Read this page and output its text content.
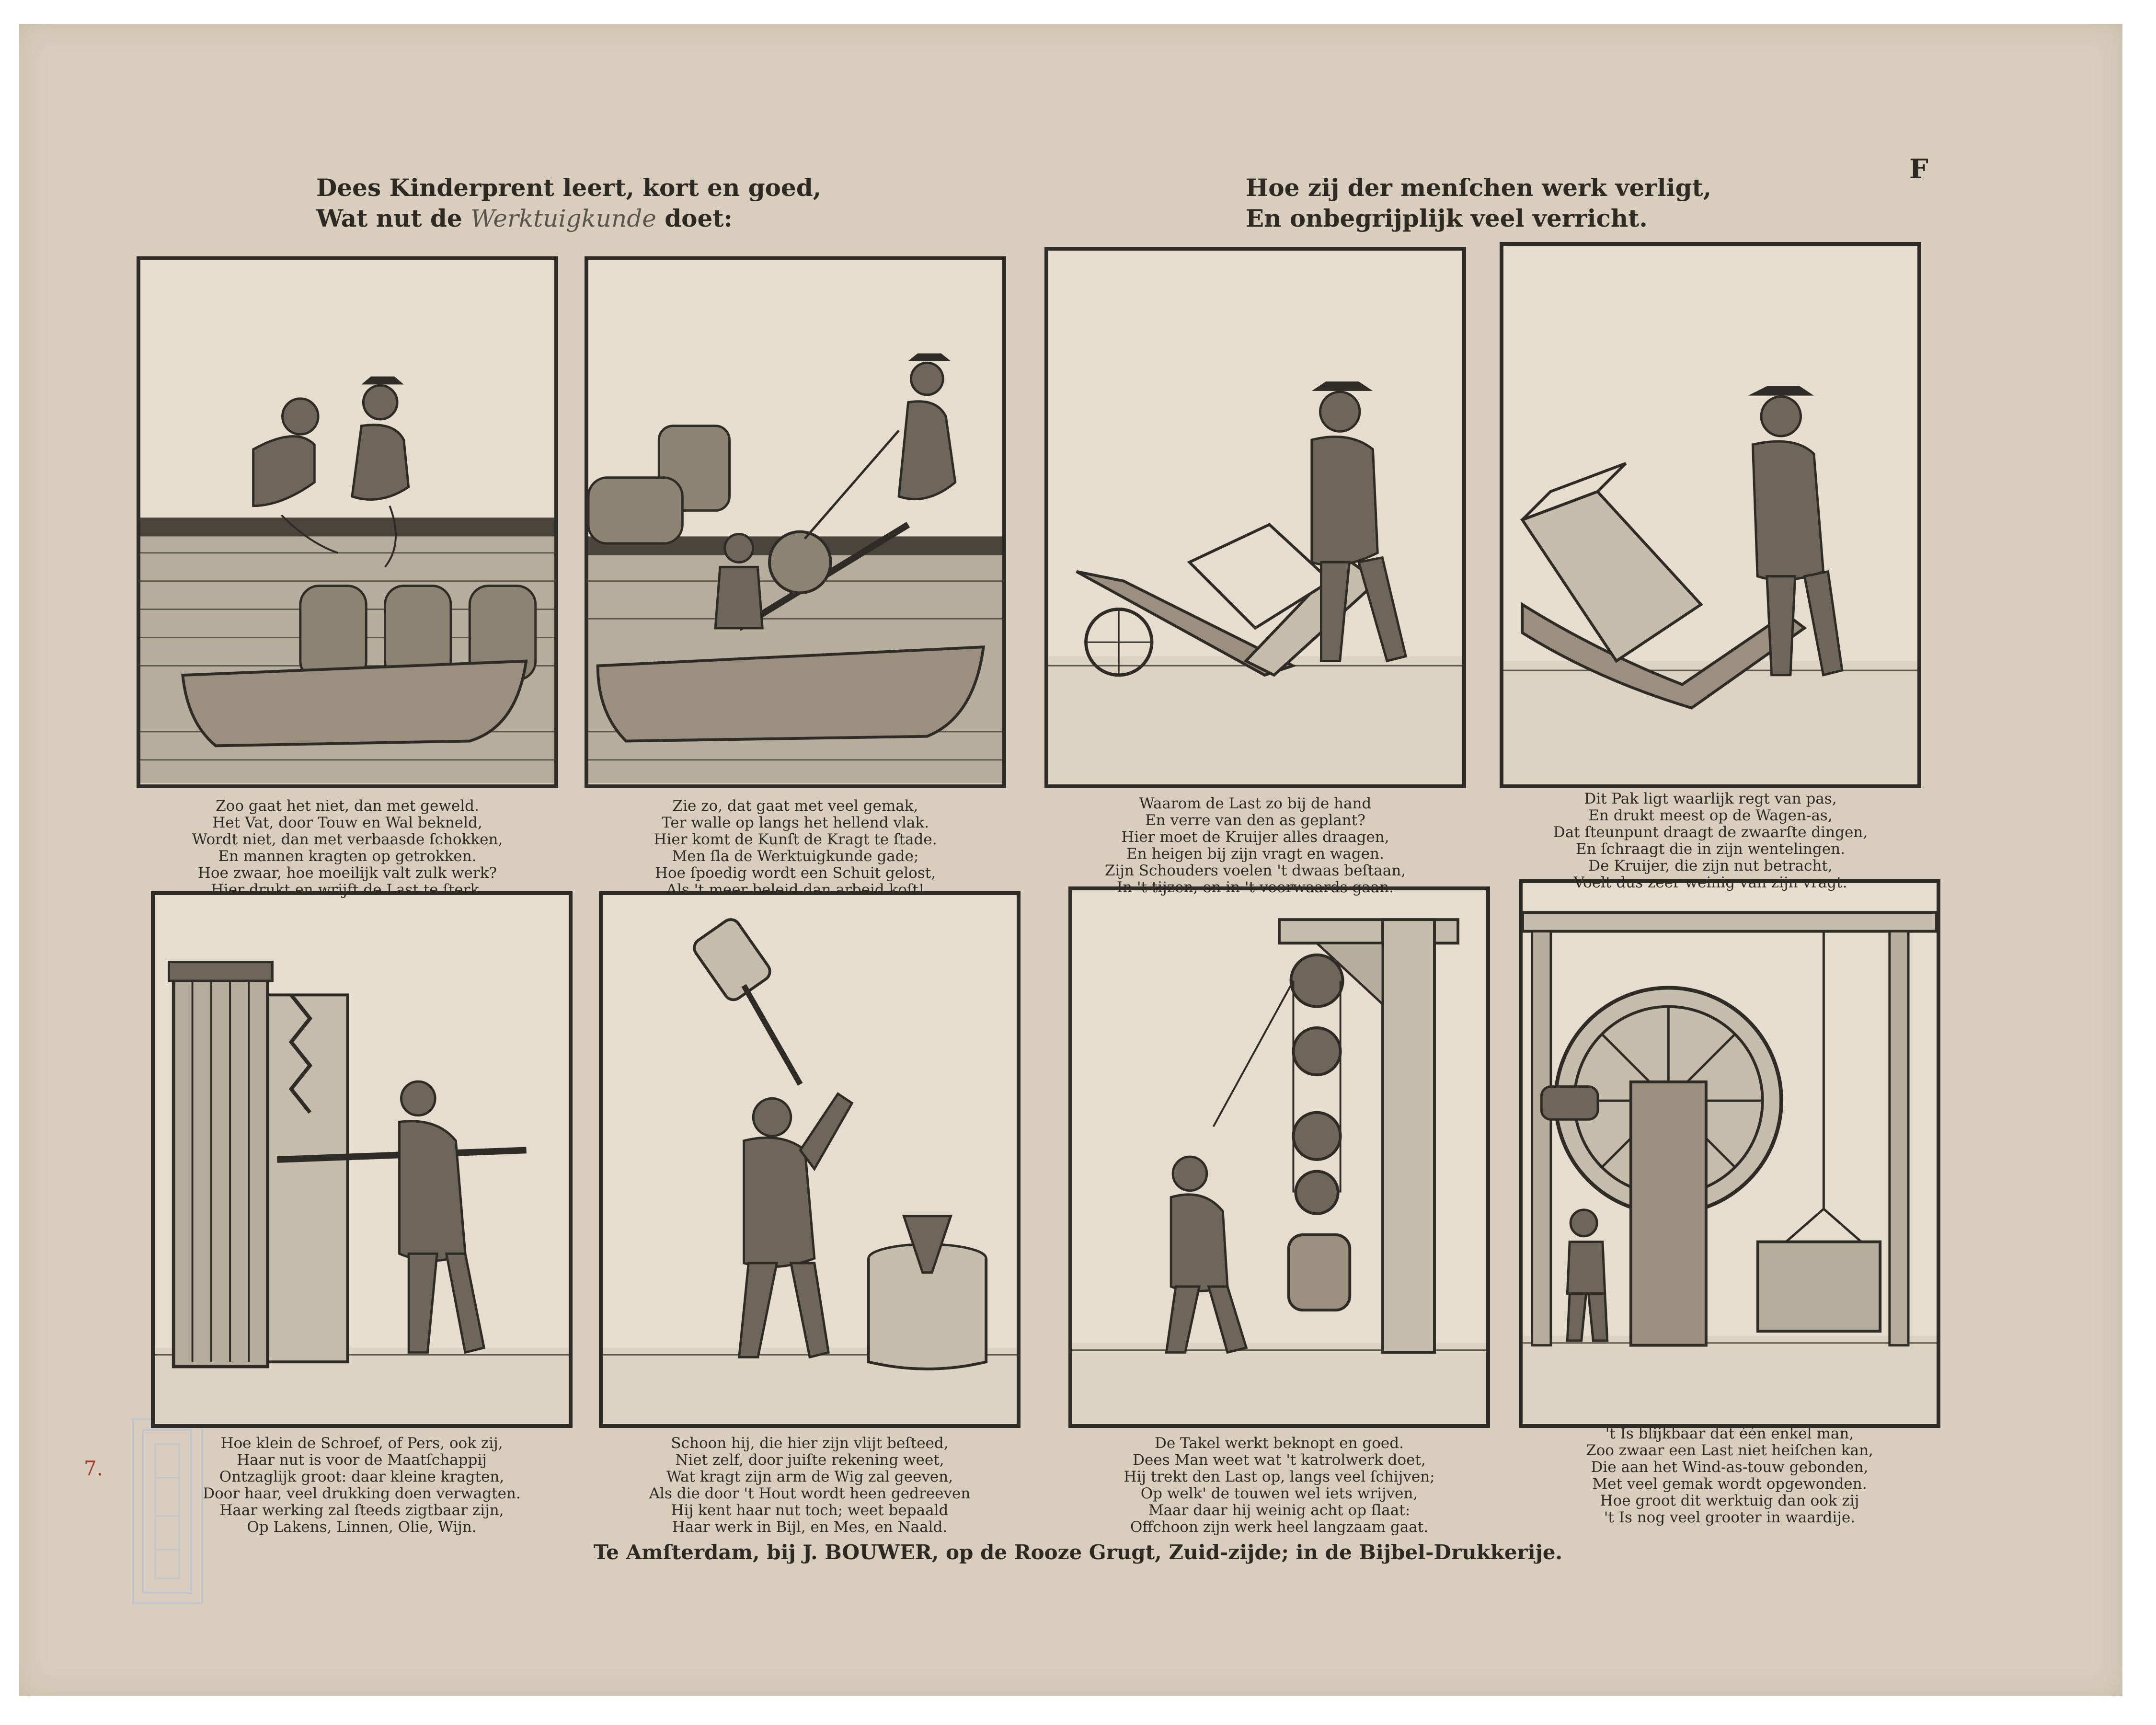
F
7.
Dees Kinderprent leert, kort en goed,
Wat nut de Werktuigkunde doet:
Hoe zij der menſchen werk verligt,
En onbegrijplijk veel verricht.
Zoo gaat het niet, dan met geweld.
Het Vat, door Touw en Wal bekneld,
Wordt niet, dan met verbaasde ſchokken,
En mannen kragten op getrokken.
Hoe zwaar, hoe moeilijk valt zulk werk?
Hier drukt en wrijft de Last te ſterk.
Zie zo, dat gaat met veel gemak,
Ter walle op langs het hellend vlak.
Hier komt de Kunſt de Kragt te ſtade.
Men ſla de Werktuigkunde gade;
Hoe ſpoedig wordt een Schuit gelost,
Als 't meer beleid dan arbeid koſt!
Waarom de Last zo bij de hand
En verre van den as geplant?
Hier moet de Kruijer alles draagen,
En heigen bij zijn vragt en wagen.
Zijn Schouders voelen 't dwaas beſtaan,
In 't tijzen, en in 't voorwaards gaan.
Dit Pak ligt waarlijk regt van pas,
En drukt meest op de Wagen-as,
Dat ſteunpunt draagt de zwaarſte dingen,
En ſchraagt die in zijn wentelingen.
De Kruijer, die zijn nut betracht,
Voelt dus zeer weinig van zijn vragt.
Hoe klein de Schroef, of Pers, ook zij,
Haar nut is voor de Maatſchappij
Ontzaglijk groot: daar kleine kragten,
Door haar, veel drukking doen verwagten.
Haar werking zal ſteeds zigtbaar zijn,
Op Lakens, Linnen, Olie, Wijn.
Schoon hij, die hier zijn vlijt beſteed,
Niet zelf, door juiſte rekening weet,
Wat kragt zijn arm de Wig zal geeven,
Als die door 't Hout wordt heen gedreeven
Hij kent haar nut toch; weet bepaald
Haar werk in Bijl, en Mes, en Naald.
De Takel werkt beknopt en goed.
Dees Man weet wat 't katrolwerk doet,
Hij trekt den Last op, langs veel ſchijven;
Op welk' de touwen wel iets wrijven,
Maar daar hij weinig acht op ſlaat:
Offchoon zijn werk heel langzaam gaat.
't Is blijkbaar dat één enkel man,
Zoo zwaar een Last niet heiſchen kan,
Die aan het Wind-as-touw gebonden,
Met veel gemak wordt opgewonden.
Hoe groot dit werktuig dan ook zij
't Is nog veel grooter in waardije.
Te Amſterdam, bij J. BOUWER, op de Rooze Grugt, Zuid-zijde; in de Bijbel-Drukkerije.
